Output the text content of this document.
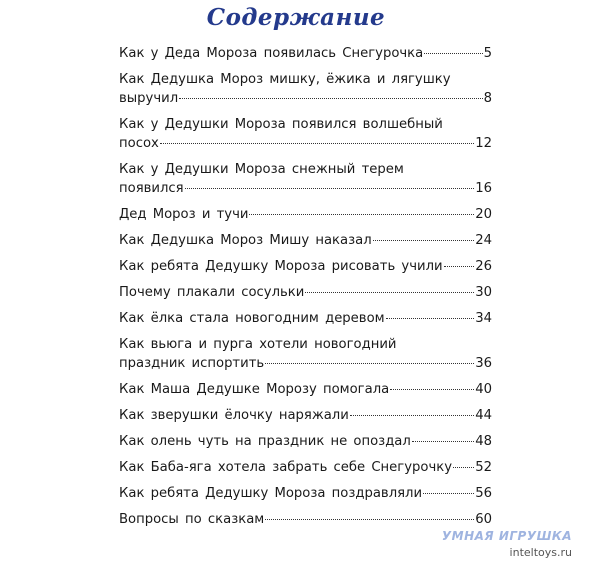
Содержание
Как у Деда Мороза появилась Снегурочка	5
Как Дедушка Мороз мишку, ёжика и лягушку
выручил	8
Как у Дедушки Мороза появился волшебный
посох	12
Как у Дедушки Мороза снежный терем
появился	16
Дед Мороз и тучи	20
Как Дедушка Мороз Мишу наказал	24
Как ребята Дедушку Мороза рисовать учили 26
Почему плакали сосульки	30
Как ёлка стала новогодним деревом	34
Как вьюга и пурга хотели новогодний
праздник испортить	36
Как Маша Дедушке Морозу помогала	40
Как зверушки ёлочку наряжали	44
Как олень чуть на праздник не опоздал	48
Как Баба-яга хотела забрать себе Снегурочку 52
Как ребята Дедушку Мороза поздравляли	56
Вопросы по сказкам	60
УМНАЯ ИГРУШКА
inteltoys.ru
